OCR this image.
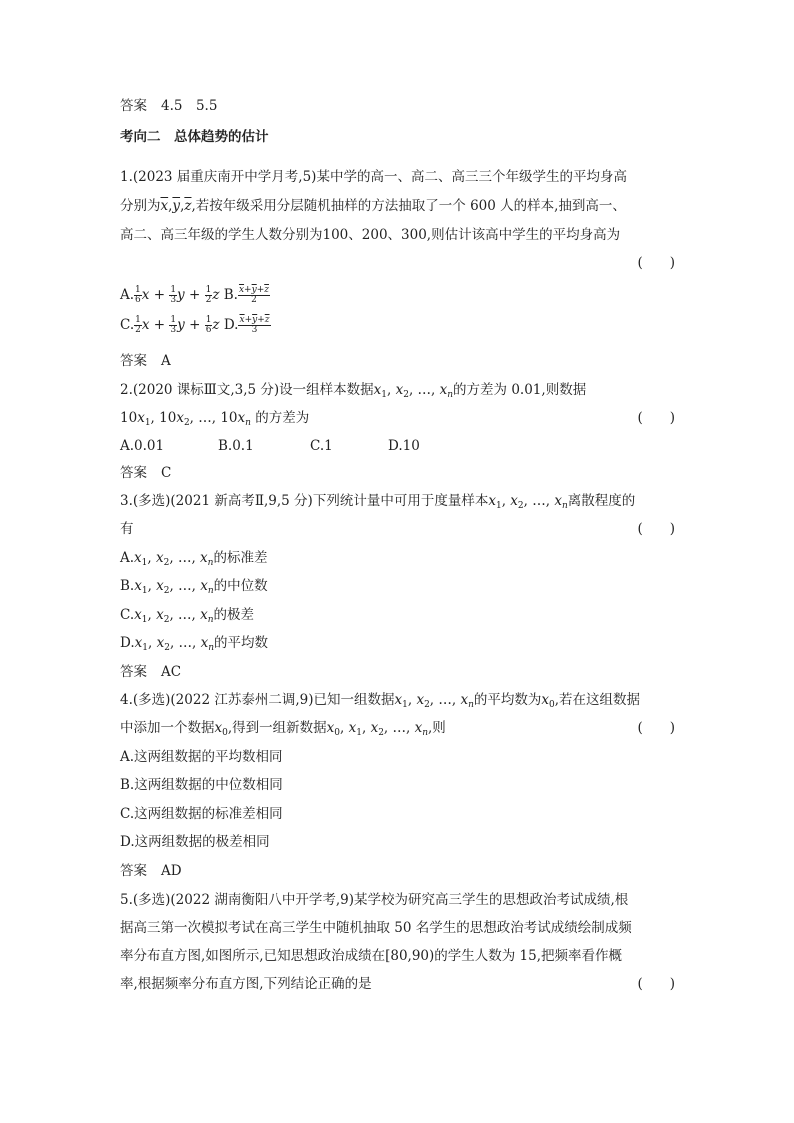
答案 4.5　5.5
考向二　总体趋势的估计
1.(2023 届重庆南开中学月考,5)某中学的高一、高二、高三三个年级学生的平均身高
分别为$\overline{x},\overline{y},\overline{z}$,若按年级采用分层随机抽样的方法抽取了一个 600 人的样本,抽到高一、
高二、高三年级的学生人数分别为100、200、300,则估计该高中学生的平均身高为
(　　)
A. $\frac{1}{6}$ $x + \frac{1}{3}$ $y + \frac{1}{2}$ z B. $\frac{\overline{x}+\overline{y}+\overline{z}}{2}$
C. $\frac{1}{2}$ $x + \frac{1}{3}$ $y + \frac{1}{6}$ z D. $\frac{\overline{x}+\overline{y}+\overline{z}}{3}$
答案 A
2.(2020 课标Ⅲ文,3,5 分)设一组样本数据$x_1$, $x_2$, …, $x_n$的方差为 0.01,则数据
$10x_1$, $10x_2$, …, $10x_n$ 的方差为	(　　)
A.0.01	B.0.1	C.1	D.10
答案 C
3.(多选)(2021 新高考Ⅱ,9,5 分)下列统计量中可用于度量样本$x_1$, $x_2$, …, $x_n$离散程度的
有	(　　)
$A.x_1$, $x_2$, …, $x_n$的标准差
$B.x_1$, $x_2$, …, $x_n$的中位数
$C.x_1$, $x_2$, …, $x_n$的极差
$D.x_1$, $x_2$, …, $x_n$的平均数
答案 AC
4.(多选)(2022 江苏泰州二调,9)已知一组数据$x_1$, $x_2$, …, $x_n$的平均数为$x_0$,若在这组数据
中添加一个数据$x_0$,得到一组新数据$x_0$, $x_1$, $x_2$, …, $x_n$,则	(　　)
A.这两组数据的平均数相同
B.这两组数据的中位数相同
C.这两组数据的标准差相同
D.这两组数据的极差相同
答案 AD
5.(多选)(2022 湖南衡阳八中开学考,9)某学校为研究高三学生的思想政治考试成绩,根
据高三第一次模拟考试在高三学生中随机抽取 50 名学生的思想政治考试成绩绘制成频
率分布直方图,如图所示,已知思想政治成绩在[80,90)的学生人数为 15,把频率看作概
率,根据频率分布直方图,下列结论正确的是	(　　)
